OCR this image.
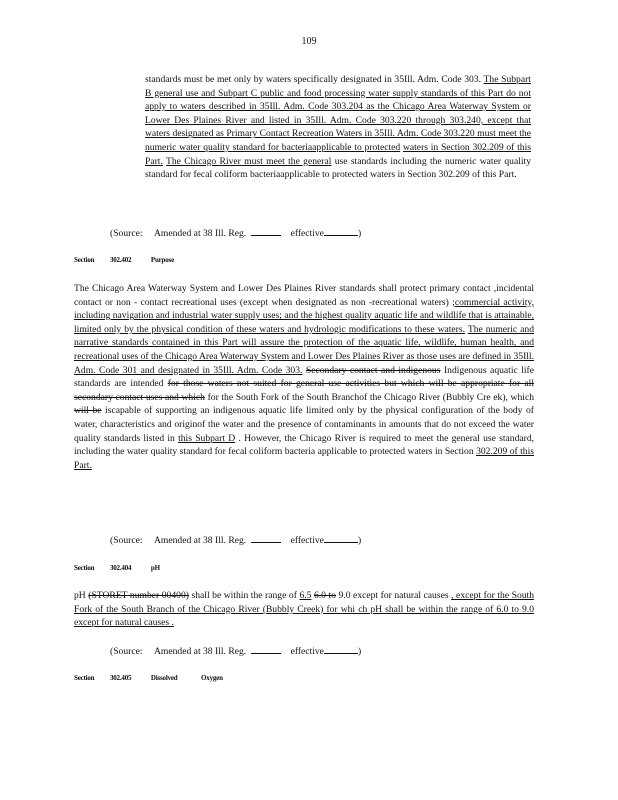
109

standards must be met only by waters specifically designated in 35Ill. Adm. Code 303. The Subpart B general use and Subpart C public and food processing water supply standards of this Part do not apply to waters described in 35Ill. Adm. Code 303.204 as the Chicago Area Waterway System or Lower Des Plaines River and listed in 35Ill. Adm. Code 303.220 through 303.240, except that waters designated as Primary Contact Recreation Waters in 35Ill. Adm. Code 303.220 must meet the numeric water quality standard for bacteriaapplicable to protected waters in Section 302.209 of this Part. The Chicago River must meet the general use standards including the numeric water quality standard for fecal coliform bacteriaapplicable to protected waters in Section 302.209 of this Part.

(Source: Amended at 38 Ill. Reg.	effective	)
Section 302.402	Purpose

The Chicago Area Waterway System and Lower Des Plaines River standards shall protect primary contact ,incidental contact or non - contact recreational uses (except when designated as non -recreational waters) ;commercial activity, including navigation and industrial water supply uses; and the highest quality aquatic life and wildlife that is attainable, limited only by the physical condition of these waters and hydrologic modifications to these waters. The numeric and narrative standards contained in this Part will assure the protection of the aquatic life, wildlife, human health, and recreational uses of the Chicago Area Waterway System and Lower Des Plaines River as those uses are defined in 35Ill. Adm. Code 301 and designated in 35Ill. Adm. Code 303. Secondary contact and indigenous Indigenous aquatic life standards are intended for those waters not suited for general use activities but which will be appropriate for all secondary contact uses and which for the South Fork of the South Branchof the Chicago River (Bubbly Cre ek), which will be iscapable of supporting an indigenous aquatic life limited only by the physical configuration of the body of water, characteristics and originof the water and the presence of contaminants in amounts that do not exceed the water quality standards listed in this Subpart D . However, the Chicago River is required to meet the general use standard, including the water quality standard for fecal coliform bacteria applicable to protected waters in Section 302.209 of this Part.

(Source: Amended at 38 Ill. Reg.	effective	)
Section 302.404	pH

pH (STORET number 00400) shall be within the range of 6.5 6.0 to 9.0 except for natural causes , except for the South Fork of the South Branch of the Chicago River (Bubbly Creek) for whi ch pH shall be within the range of 6.0 to 9.0 except for natural causes .

(Source: Amended at 38 Ill. Reg.	effective	)
Section 302.405	Dissolved	Oxygen
